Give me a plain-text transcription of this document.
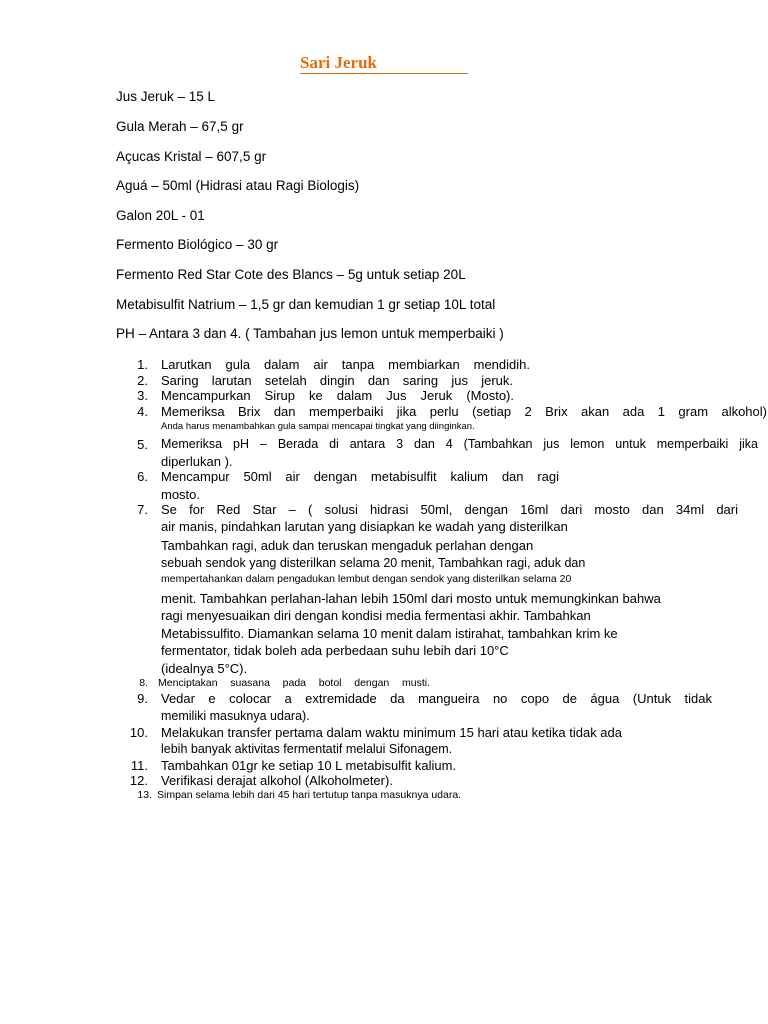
Sari Jeruk
Jus Jeruk – 15 L
Gula Merah – 67,5 gr
Açucas Kristal – 607,5 gr
Aguá – 50ml (Hidrasi atau Ragi Biologis)
Galon 20L - 01
Fermento Biológico – 30 gr
Fermento Red Star Cote des Blancs – 5g untuk setiap 20L
Metabisulfit Natrium – 1,5 gr dan kemudian 1 gr setiap 10L total
PH – Antara 3 dan 4. ( Tambahan jus lemon untuk memperbaiki )
1. Larutkan gula dalam air tanpa membiarkan mendidih.
2. Saring larutan setelah dingin dan saring jus jeruk.
3. Mencampurkan Sirup ke dalam Jus Jeruk (Mosto).
4. Memeriksa Brix dan memperbaiki jika perlu (setiap 2 Brix akan ada 1 gram alkohol)
Anda harus menambahkan gula sampai mencapai tingkat yang diinginkan.
5. Memeriksa pH – Berada di antara 3 dan 4 (Tambahkan jus lemon untuk memperbaiki jika
diperlukan ).
6. Mencampur 50ml air dengan metabisulfit kalium dan ragi
mosto.
7. Se for Red Star – ( solusi hidrasi 50ml, dengan 16ml dari mosto dan 34ml dari
air manis, pindahkan larutan yang disiapkan ke wadah yang disterilkan
Tambahkan ragi, aduk dan teruskan mengaduk perlahan dengan
sebuah sendok yang disterilkan selama 20 menit, Tambahkan ragi, aduk dan
mempertahankan dalam pengadukan lembut dengan sendok yang disterilkan selama 20
menit. Tambahkan perlahan-lahan lebih 150ml dari mosto untuk memungkinkan bahwa
ragi menyesuaikan diri dengan kondisi media fermentasi akhir. Tambahkan
Metabissulfito. Diamankan selama 10 menit dalam istirahat, tambahkan krim ke
fermentator, tidak boleh ada perbedaan suhu lebih dari 10°C
(idealnya 5°C).
8. Menciptakan suasana pada botol dengan musti.
9. Vedar e colocar a extremidade da mangueira no copo de água (Untuk tidak
memiliki masuknya udara).
10. Melakukan transfer pertama dalam waktu minimum 15 hari atau ketika tidak ada
lebih banyak aktivitas fermentatif melalui Sifonagem.
11. Tambahkan 01gr ke setiap 10 L metabisulfit kalium.
12. Verifikasi derajat alkohol (Alkoholmeter).
13. Simpan selama lebih dari 45 hari tertutup tanpa masuknya udara.
